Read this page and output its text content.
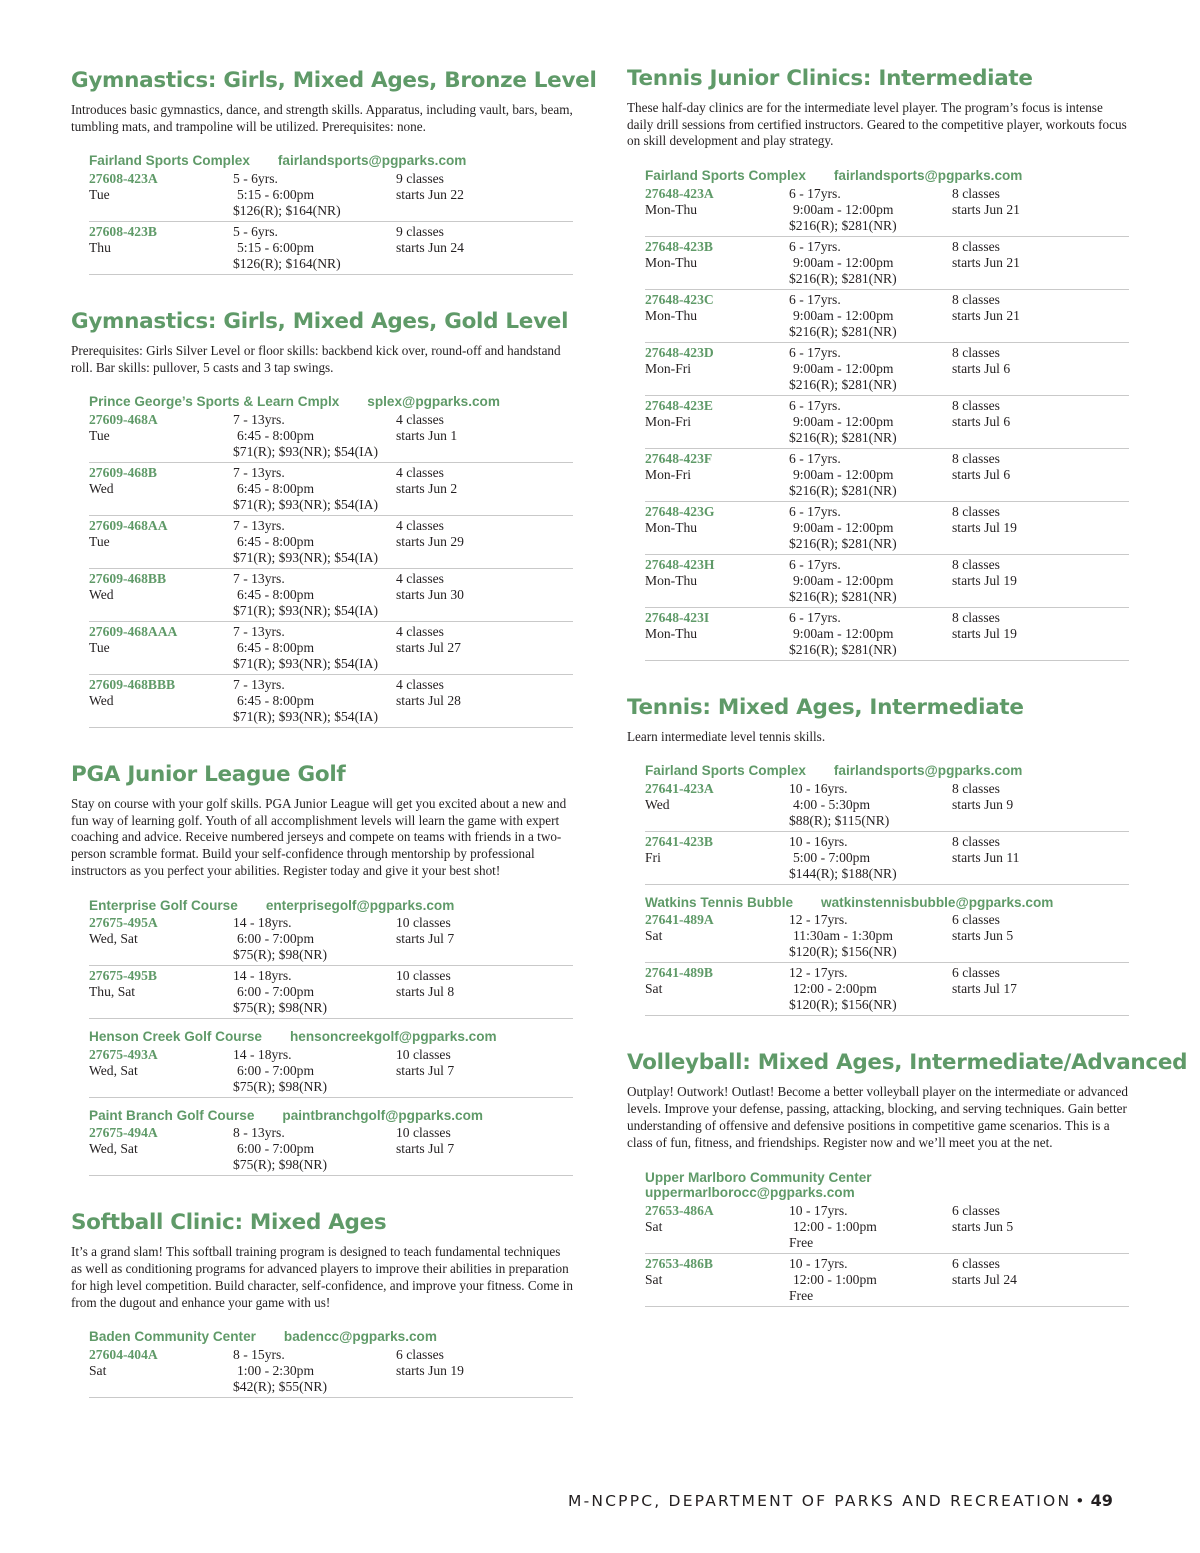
Gymnastics: Girls, Mixed Ages, Bronze Level

Introduces basic gymnastics, dance, and strength skills. Apparatus, including vault, bars, beam, tumbling mats, and trampoline will be utilized. Prerequisites: none.

Fairland Sports Complex fairlandsports@pgparks.com
27608-423A
Tue
5 - 6yrs.
5:15 - 6:00pm
$126(R); $164(NR)
9 classes
starts Jun 22
27608-423B
Thu
5 - 6yrs.
5:15 - 6:00pm
$126(R); $164(NR)
9 classes
starts Jun 24
Gymnastics: Girls, Mixed Ages, Gold Level

Prerequisites: Girls Silver Level or floor skills: backbend kick over, round-off and handstand roll. Bar skills: pullover, 5 casts and 3 tap swings.

Prince George’s Sports & Learn Cmplx splex@pgparks.com
27609-468A
Tue
7 - 13yrs.
6:45 - 8:00pm
$71(R); $93(NR); $54(IA)
4 classes
starts Jun 1
27609-468B
Wed
7 - 13yrs.
6:45 - 8:00pm
$71(R); $93(NR); $54(IA)
4 classes
starts Jun 2
27609-468AA
Tue
7 - 13yrs.
6:45 - 8:00pm
$71(R); $93(NR); $54(IA)
4 classes
starts Jun 29
27609-468BB
Wed
7 - 13yrs.
6:45 - 8:00pm
$71(R); $93(NR); $54(IA)
4 classes
starts Jun 30
27609-468AAA
Tue
7 - 13yrs.
6:45 - 8:00pm
$71(R); $93(NR); $54(IA)
4 classes
starts Jul 27
27609-468BBB
Wed
7 - 13yrs.
6:45 - 8:00pm
$71(R); $93(NR); $54(IA)
4 classes
starts Jul 28
PGA Junior League Golf

Stay on course with your golf skills. PGA Junior League will get you excited about a new and fun way of learning golf. Youth of all accomplishment levels will learn the game with expert coaching and advice. Receive numbered jerseys and compete on teams with friends in a two-person scramble format. Build your self-confidence through mentorship by professional instructors as you perfect your abilities. Register today and give it your best shot!

Enterprise Golf Course enterprisegolf@pgparks.com
27675-495A
Wed, Sat
14 - 18yrs.
6:00 - 7:00pm
$75(R); $98(NR)
10 classes
starts Jul 7
27675-495B
Thu, Sat
14 - 18yrs.
6:00 - 7:00pm
$75(R); $98(NR)
10 classes
starts Jul 8
Henson Creek Golf Course hensoncreekgolf@pgparks.com
27675-493A
Wed, Sat
14 - 18yrs.
6:00 - 7:00pm
$75(R); $98(NR)
10 classes
starts Jul 7
Paint Branch Golf Course paintbranchgolf@pgparks.com
27675-494A
Wed, Sat
8 - 13yrs.
6:00 - 7:00pm
$75(R); $98(NR)
10 classes
starts Jul 7
Softball Clinic: Mixed Ages

It’s a grand slam! This softball training program is designed to teach fundamental techniques as well as conditioning programs for advanced players to improve their abilities in preparation for high level competition. Build character, self-confidence, and improve your fitness. Come in from the dugout and enhance your game with us!

Baden Community Center badencc@pgparks.com
27604-404A
Sat
8 - 15yrs.
1:00 - 2:30pm
$42(R); $55(NR)
6 classes
starts Jun 19
Tennis Junior Clinics: Intermediate

These half-day clinics are for the intermediate level player. The program’s focus is intense daily drill sessions from certified instructors. Geared to the competitive player, workouts focus on skill development and play strategy.

Fairland Sports Complex fairlandsports@pgparks.com
27648-423A
Mon-Thu
6 - 17yrs.
9:00am - 12:00pm
$216(R); $281(NR)
8 classes
starts Jun 21
27648-423B
Mon-Thu
6 - 17yrs.
9:00am - 12:00pm
$216(R); $281(NR)
8 classes
starts Jun 21
27648-423C
Mon-Thu
6 - 17yrs.
9:00am - 12:00pm
$216(R); $281(NR)
8 classes
starts Jun 21
27648-423D
Mon-Fri
6 - 17yrs.
9:00am - 12:00pm
$216(R); $281(NR)
8 classes
starts Jul 6
27648-423E
Mon-Fri
6 - 17yrs.
9:00am - 12:00pm
$216(R); $281(NR)
8 classes
starts Jul 6
27648-423F
Mon-Fri
6 - 17yrs.
9:00am - 12:00pm
$216(R); $281(NR)
8 classes
starts Jul 6
27648-423G
Mon-Thu
6 - 17yrs.
9:00am - 12:00pm
$216(R); $281(NR)
8 classes
starts Jul 19
27648-423H
Mon-Thu
6 - 17yrs.
9:00am - 12:00pm
$216(R); $281(NR)
8 classes
starts Jul 19
27648-423I
Mon-Thu
6 - 17yrs.
9:00am - 12:00pm
$216(R); $281(NR)
8 classes
starts Jul 19
Tennis: Mixed Ages, Intermediate

Learn intermediate level tennis skills.

Fairland Sports Complex fairlandsports@pgparks.com
27641-423A
Wed
10 - 16yrs.
4:00 - 5:30pm
$88(R); $115(NR)
8 classes
starts Jun 9
27641-423B
Fri
10 - 16yrs.
5:00 - 7:00pm
$144(R); $188(NR)
8 classes
starts Jun 11
Watkins Tennis Bubble watkinstennisbubble@pgparks.com
27641-489A
Sat
12 - 17yrs.
11:30am - 1:30pm
$120(R); $156(NR)
6 classes
starts Jun 5
27641-489B
Sat
12 - 17yrs.
12:00 - 2:00pm
$120(R); $156(NR)
6 classes
starts Jul 17
Volleyball: Mixed Ages, Intermediate/Advanced

Outplay! Outwork! Outlast! Become a better volleyball player on the intermediate or advanced levels. Improve your defense, passing, attacking, blocking, and serving techniques. Gain better understanding of offensive and defensive positions in competitive game scenarios. This is a class of fun, fitness, and friendships. Register now and we’ll meet you at the net.

Upper Marlboro Community Center
uppermarlborocc@pgparks.com
27653-486A
Sat
10 - 17yrs.
12:00 - 1:00pm
Free
6 classes
starts Jun 5
27653-486B
Sat
10 - 17yrs.
12:00 - 1:00pm
Free
6 classes
starts Jul 24
M-NCPPC, DEPARTMENT OF PARKS AND RECREATION • 49
